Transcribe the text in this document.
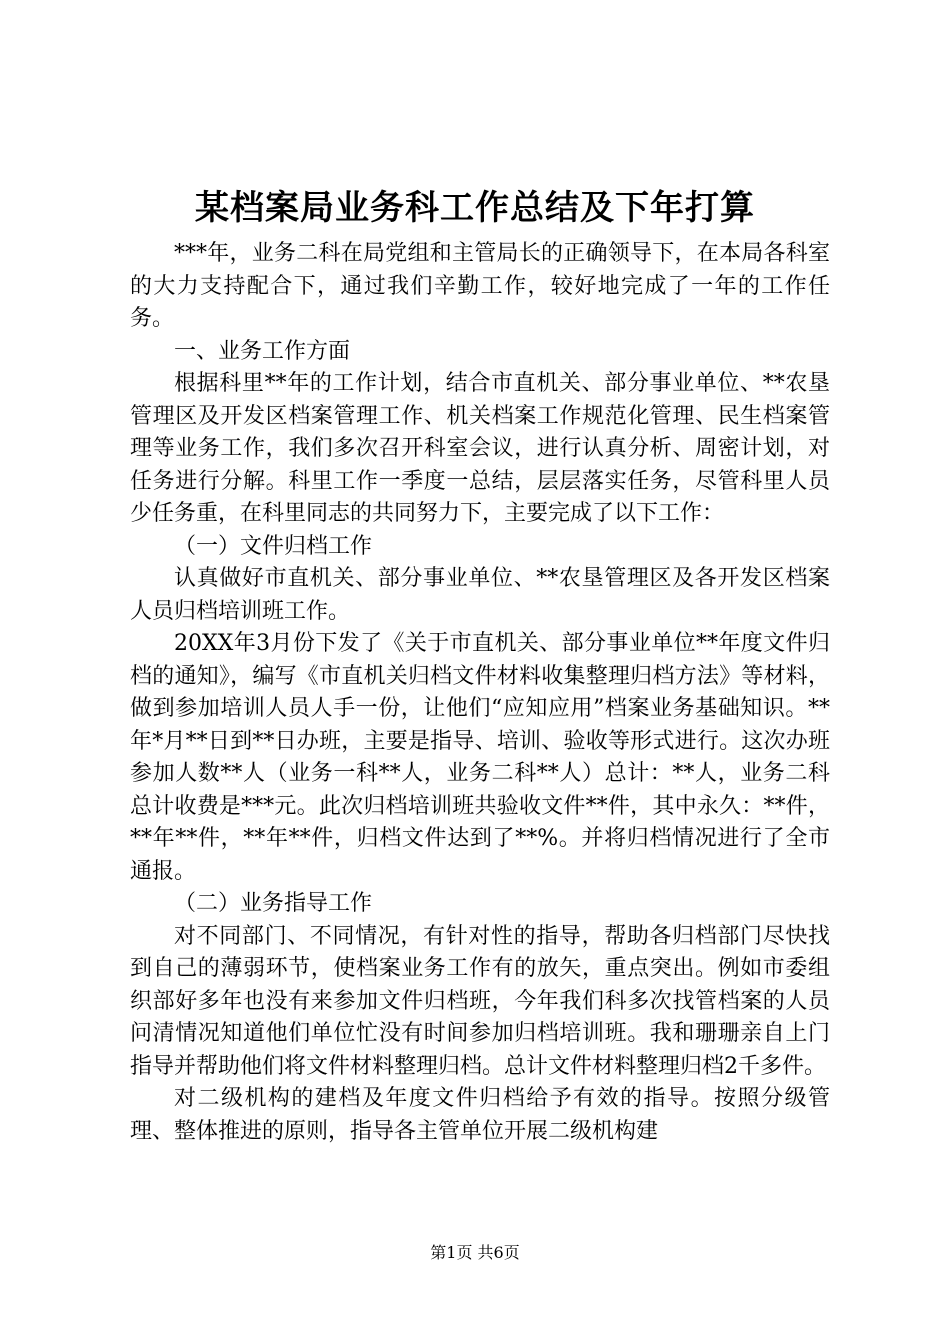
某档案局业务科工作总结及下年打算

***年，业务二科在局党组和主管局长的正确领导下，在本局各科室的大力支持配合下，通过我们辛勤工作，较好地完成了一年的工作任务。

一、业务工作方面

根据科里**年的工作计划，结合市直机关、部分事业单位、**农垦管理区及开发区档案管理工作、机关档案工作规范化管理、民生档案管理等业务工作，我们多次召开科室会议，进行认真分析、周密计划，对任务进行分解。科里工作一季度一总结，层层落实任务，尽管科里人员少任务重，在科里同志的共同努力下，主要完成了以下工作：

（一）文件归档工作

认真做好市直机关、部分事业单位、**农垦管理区及各开发区档案人员归档培训班工作。

20XX年3月份下发了《关于市直机关、部分事业单位**年度文件归档的通知》，编写《市直机关归档文件材料收集整理归档方法》等材料，做到参加培训人员人手一份，让他们“应知应用”档案业务基础知识。**年*月**日到**日办班，主要是指导、培训、验收等形式进行。这次办班参加人数**人（业务一科**人，业务二科**人）总计：**人，业务二科总计收费是***元。此次归档培训班共验收文件**件，其中永久：**件，**年**件，**年**件，归档文件达到了**%。并将归档情况进行了全市通报。

（二）业务指导工作

对不同部门、不同情况，有针对性的指导，帮助各归档部门尽快找到自己的薄弱环节，使档案业务工作有的放矢，重点突出。例如市委组织部好多年也没有来参加文件归档班，今年我们科多次找管档案的人员问清情况知道他们单位忙没有时间参加归档培训班。我和珊珊亲自上门指导并帮助他们将文件材料整理归档。总计文件材料整理归档2千多件。

对二级机构的建档及年度文件归档给予有效的指导。按照分级管理、整体推进的原则，指导各主管单位开展二级机构建

第1页 共6页
